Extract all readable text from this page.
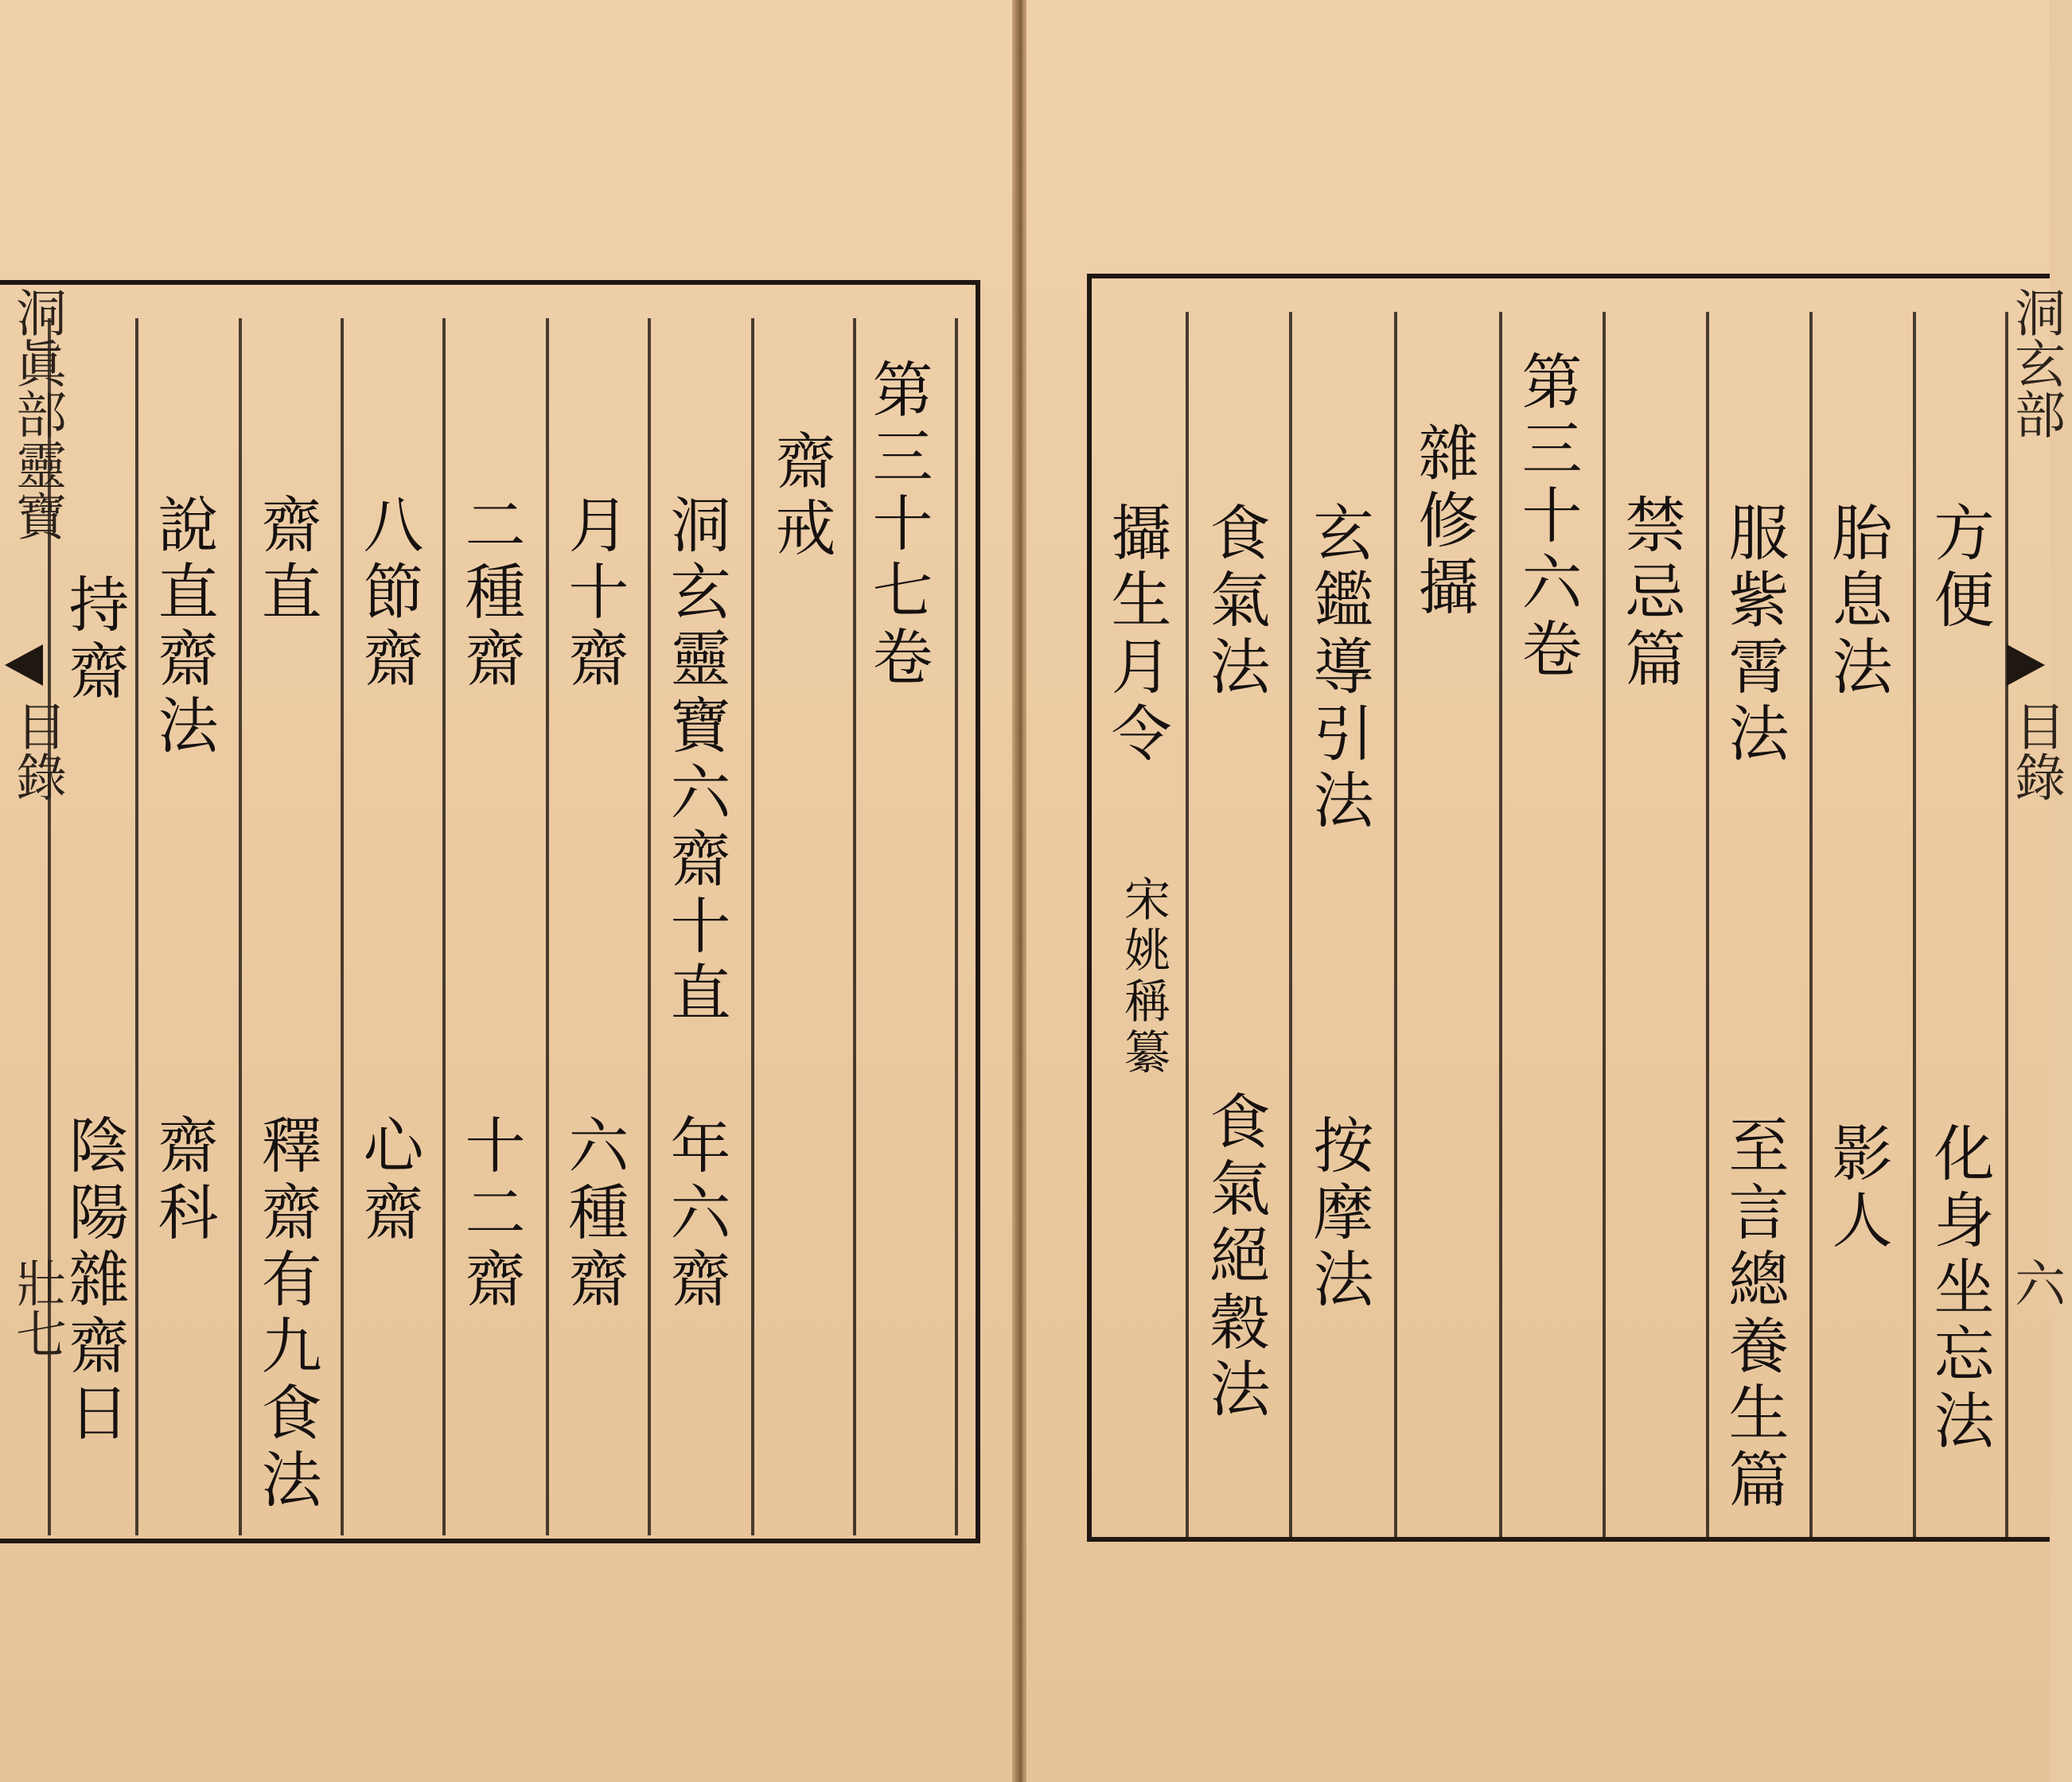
洞眞部靈寶
目錄
壯七
第三十七卷
齋戒
洞玄靈寶六齋十直
年六齋
月十齋
六種齋
二種齋
十二齋
八節齋
心齋
齋直
釋齋有九食法
說直齋法
齋科
持齋
陰陽雜齋日
洞玄部
目錄
六
方便
化身坐忘法
胎息法
影人
服紫霄法
至言總養生篇
禁忌篇
第三十六卷
雜修攝
玄鑑導引法
按摩法
食氣法
食氣絕穀法
攝生月令
宋姚稱纂
